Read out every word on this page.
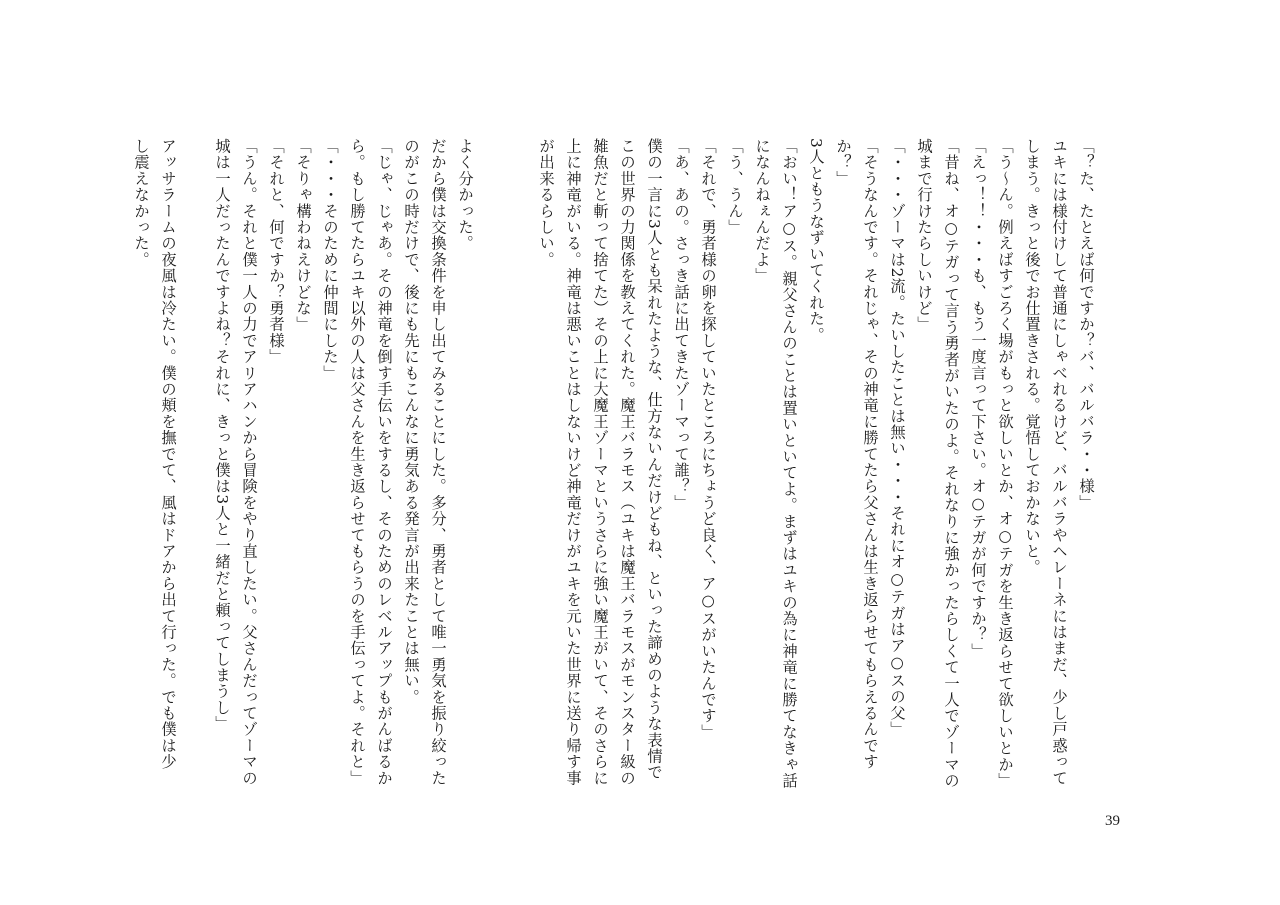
「？た、たとえば何ですか？バ、バルバラ・・様」
ユキには様付けして普通にしゃべれるけど、バルバラやヘレーネにはまだ、少し戸惑って
しまう。きっと後でお仕置きされる。覚悟しておかないと。
「う～ん。例えばすごろく場がもっと欲しいとか、オ○テガを生き返らせて欲しいとか」
「えっ！！・・・も、もう一度言って下さい。オ○テガが何ですか？」
「昔ね、オ○テガって言う勇者がいたのよ。それなりに強かったらしくて一人でゾーマの
城まで行けたらしいけど」
「・・・ゾーマは2流。たいしたことは無い・・・それにオ○テガはア○スの父」
「そうなんです。それじゃ、その神竜に勝てたら父さんは生き返らせてもらえるんです
か？」
3人ともうなずいてくれた。
「おい！ア○ス。親父さんのことは置いといてよ。まずはユキの為に神竜に勝てなきゃ話
になんねぇんだよ」
「う、うん」
「それで、勇者様の卵を探していたところにちょうど良く、ア○スがいたんです」
「あ、あの。さっき話に出てきたゾーマって誰？」
僕の一言に3人とも呆れたような、仕方ないんだけどもね、といった諦めのような表情で
この世界の力関係を教えてくれた。魔王バラモス（ユキは魔王バラモスがモンスター級の
雑魚だと斬って捨てた）その上に大魔王ゾーマというさらに強い魔王がいて、そのさらに
上に神竜がいる。神竜は悪いことはしないけど神竜だけがユキを元いた世界に送り帰す事
が出来るらしい。
よく分かった。
だから僕は交換条件を申し出てみることにした。多分、勇者として唯一勇気を振り絞った
のがこの時だけで、後にも先にもこんなに勇気ある発言が出来たことは無い。
「じゃ、じゃあ。その神竜を倒す手伝いをするし、そのためのレベルアップもがんばるか
ら。もし勝てたらユキ以外の人は父さんを生き返らせてもらうのを手伝ってよ。それと」
「・・・そのために仲間にした」
「そりゃ構わねえけどな」
「それと、何ですか？勇者様」
「うん。それと僕一人の力でアリアハンから冒険をやり直したい。父さんだってゾーマの
城は一人だったんですよね？それに、きっと僕は3人と一緒だと頼ってしまうし」
アッサラームの夜風は冷たい。僕の頬を撫でて、風はドアから出て行った。でも僕は少
し震えなかった。
39
